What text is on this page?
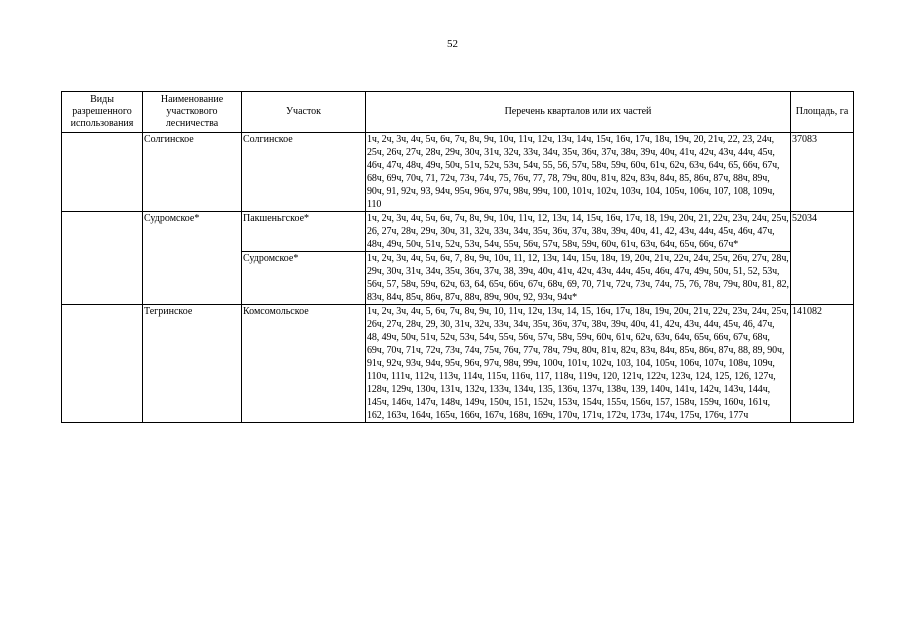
52
Виды разрешенного использования	Наименование участкового лесничества	Участок	Перечень кварталов или их частей	Площадь, га
	Солгинское	Солгинское	1ч, 2ч, 3ч, 4ч, 5ч, 6ч, 7ч, 8ч, 9ч, 10ч, 11ч, 12ч, 13ч, 14ч, 15ч, 16ч, 17ч, 18ч, 19ч, 20, 21ч, 22, 23, 24ч, 25ч, 26ч, 27ч, 28ч, 29ч, 30ч, 31ч, 32ч, 33ч, 34ч, 35ч, 36ч, 37ч, 38ч, 39ч, 40ч, 41ч, 42ч, 43ч, 44ч, 45ч, 46ч, 47ч, 48ч, 49ч, 50ч, 51ч, 52ч, 53ч, 54ч, 55, 56, 57ч, 58ч, 59ч, 60ч, 61ч, 62ч, 63ч, 64ч, 65, 66ч, 67ч, 68ч, 69ч, 70ч, 71, 72ч, 73ч, 74ч, 75, 76ч, 77, 78, 79ч, 80ч, 81ч, 82ч, 83ч, 84ч, 85, 86ч, 87ч, 88ч, 89ч, 90ч, 91, 92ч, 93, 94ч, 95ч, 96ч, 97ч, 98ч, 99ч, 100, 101ч, 102ч, 103ч, 104, 105ч, 106ч, 107, 108, 109ч, 110	37083
	Судромское*	Пакшеньгское*	1ч, 2ч, 3ч, 4ч, 5ч, 6ч, 7ч, 8ч, 9ч, 10ч, 11ч, 12, 13ч, 14, 15ч, 16ч, 17ч, 18, 19ч, 20ч, 21, 22ч, 23ч, 24ч, 25ч, 26, 27ч, 28ч, 29ч, 30ч, 31, 32ч, 33ч, 34ч, 35ч, 36ч, 37ч, 38ч, 39ч, 40ч, 41, 42, 43ч, 44ч, 45ч, 46ч, 47ч, 48ч, 49ч, 50ч, 51ч, 52ч, 53ч, 54ч, 55ч, 56ч, 57ч, 58ч, 59ч, 60ч, 61ч, 63ч, 64ч, 65ч, 66ч, 67ч*	52034
		Судромское*	1ч, 2ч, 3ч, 4ч, 5ч, 6ч, 7, 8ч, 9ч, 10ч, 11, 12, 13ч, 14ч, 15ч, 18ч, 19, 20ч, 21ч, 22ч, 24ч, 25ч, 26ч, 27ч, 28ч, 29ч, 30ч, 31ч, 34ч, 35ч, 36ч, 37ч, 38, 39ч, 40ч, 41ч, 42ч, 43ч, 44ч, 45ч, 46ч, 47ч, 49ч, 50ч, 51, 52, 53ч, 56ч, 57, 58ч, 59ч, 62ч, 63, 64, 65ч, 66ч, 67ч, 68ч, 69, 70, 71ч, 72ч, 73ч, 74ч, 75, 76, 78ч, 79ч, 80ч, 81, 82, 83ч, 84ч, 85ч, 86ч, 87ч, 88ч, 89ч, 90ч, 92, 93ч, 94ч*	
	Тегринское	Комсомольское	1ч, 2ч, 3ч, 4ч, 5, 6ч, 7ч, 8ч, 9ч, 10, 11ч, 12ч, 13ч, 14, 15, 16ч, 17ч, 18ч, 19ч, 20ч, 21ч, 22ч, 23ч, 24ч, 25ч, 26ч, 27ч, 28ч, 29, 30, 31ч, 32ч, 33ч, 34ч, 35ч, 36ч, 37ч, 38ч, 39ч, 40ч, 41, 42ч, 43ч, 44ч, 45ч, 46, 47ч, 48, 49ч, 50ч, 51ч, 52ч, 53ч, 54ч, 55ч, 56ч, 57ч, 58ч, 59ч, 60ч, 61ч, 62ч, 63ч, 64ч, 65ч, 66ч, 67ч, 68ч, 69ч, 70ч, 71ч, 72ч, 73ч, 74ч, 75ч, 76ч, 77ч, 78ч, 79ч, 80ч, 81ч, 82ч, 83ч, 84ч, 85ч, 86ч, 87ч, 88, 89, 90ч, 91ч, 92ч, 93ч, 94ч, 95ч, 96ч, 97ч, 98ч, 99ч, 100ч, 101ч, 102ч, 103, 104, 105ч, 106ч, 107ч, 108ч, 109ч, 110ч, 111ч, 112ч, 113ч, 114ч, 115ч, 116ч, 117, 118ч, 119ч, 120, 121ч, 122ч, 123ч, 124, 125, 126, 127ч, 128ч, 129ч, 130ч, 131ч, 132ч, 133ч, 134ч, 135, 136ч, 137ч, 138ч, 139, 140ч, 141ч, 142ч, 143ч, 144ч, 145ч, 146ч, 147ч, 148ч, 149ч, 150ч, 151, 152ч, 153ч, 154ч, 155ч, 156ч, 157, 158ч, 159ч, 160ч, 161ч, 162, 163ч, 164ч, 165ч, 166ч, 167ч, 168ч, 169ч, 170ч, 171ч, 172ч, 173ч, 174ч, 175ч, 176ч, 177ч	141082
